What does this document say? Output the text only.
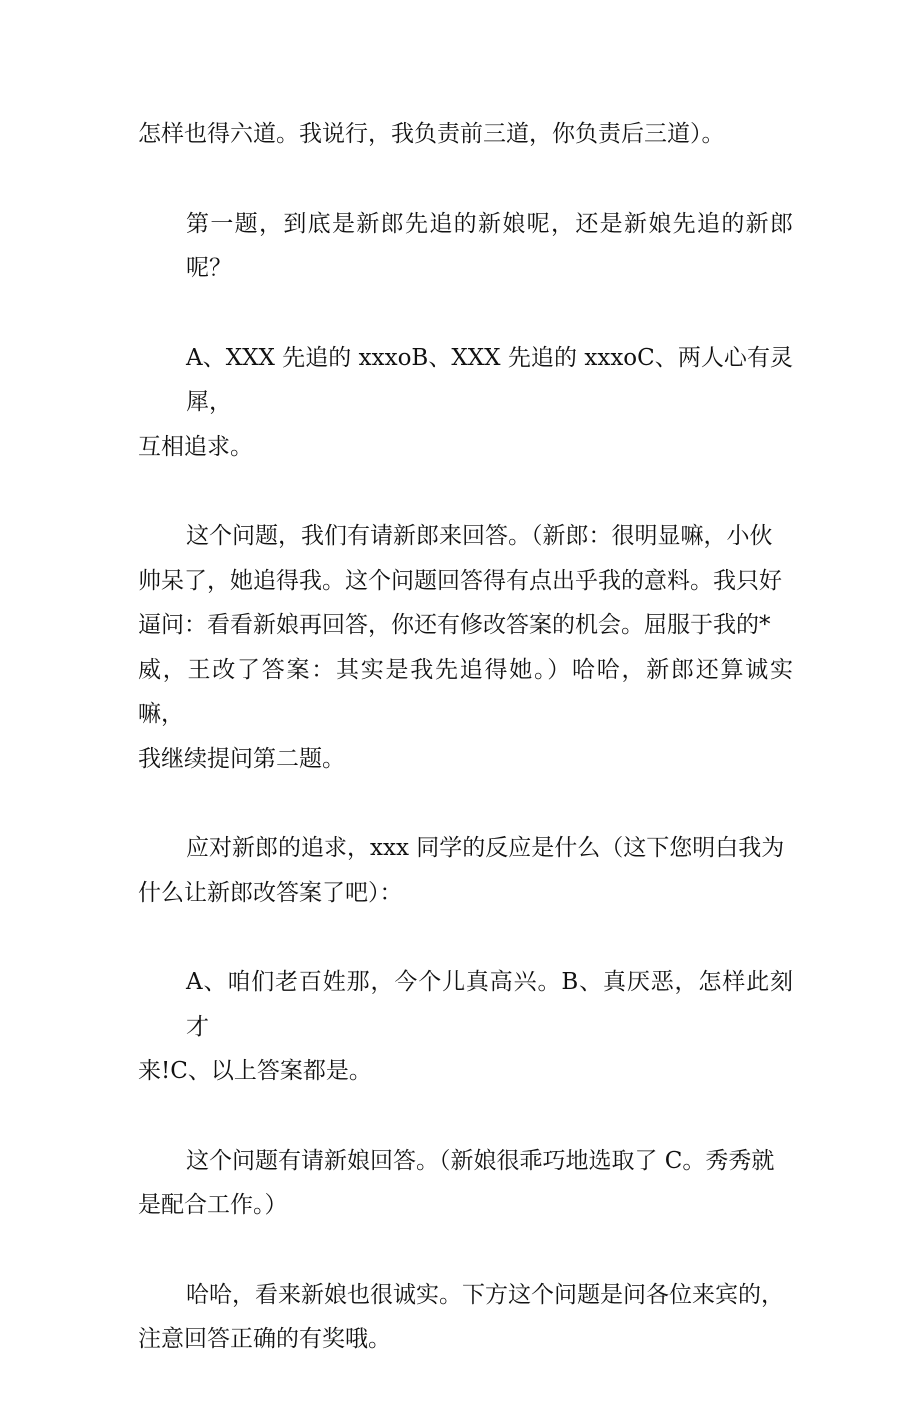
怎样也得六道。我说行，我负责前三道，你负责后三道）。

第一题，到底是新郎先追的新娘呢，还是新娘先追的新郎呢？

A、XXX 先追的 xxxoB、XXX 先追的 xxxoC、两人心有灵犀，
互相追求。

这个问题，我们有请新郎来回答。（新郎：很明显嘛，小伙
帅呆了，她追得我。这个问题回答得有点出乎我的意料。我只好
逼问：看看新娘再回答，你还有修改答案的机会。屈服于我的*
威，王改了答案：其实是我先追得她。）哈哈，新郎还算诚实嘛，
我继续提问第二题。

应对新郎的追求，xxx 同学的反应是什么（这下您明白我为
什么让新郎改答案了吧）：

A、咱们老百姓那，今个儿真高兴。B、真厌恶，怎样此刻才
来!C、以上答案都是。

这个问题有请新娘回答。（新娘很乖巧地选取了 C。秀秀就
是配合工作。）

哈哈，看来新娘也很诚实。下方这个问题是问各位来宾的，
注意回答正确的有奖哦。
